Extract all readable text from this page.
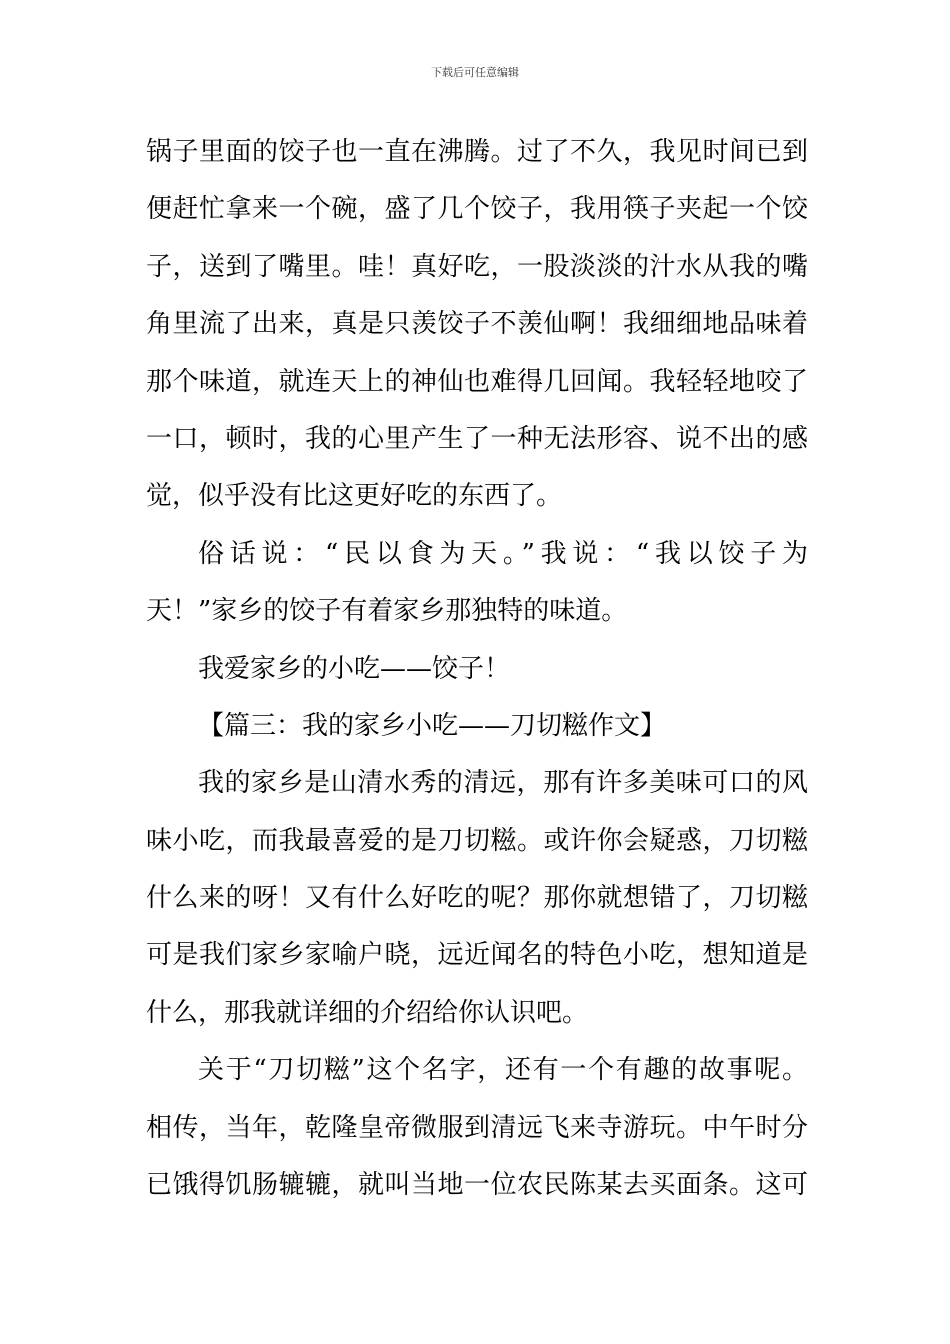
下载后可任意编辑
锅子里面的饺子也一直在沸腾。过了不久，我见时间已到
便赶忙拿来一个碗，盛了几个饺子，我用筷子夹起一个饺
子，送到了嘴里。哇！真好吃，一股淡淡的汁水从我的嘴
角里流了出来，真是只羡饺子不羡仙啊！我细细地品味着
那个味道，就连天上的神仙也难得几回闻。我轻轻地咬了
一口，顿时，我的心里产生了一种无法形容、说不出的感
觉，似乎没有比这更好吃的东西了。
俗话说：“民以食为天。”我说：“我以饺子为
天！”家乡的饺子有着家乡那独特的味道。
我爱家乡的小吃——饺子！
【篇三：我的家乡小吃——刀切糍作文】
我的家乡是山清水秀的清远，那有许多美味可口的风
味小吃，而我最喜爱的是刀切糍。或许你会疑惑，刀切糍
什么来的呀！又有什么好吃的呢？那你就想错了，刀切糍
可是我们家乡家喻户晓，远近闻名的特色小吃，想知道是
什么，那我就详细的介绍给你认识吧。
关于“刀切糍”这个名字，还有一个有趣的故事呢。
相传，当年，乾隆皇帝微服到清远飞来寺游玩。中午时分
已饿得饥肠辘辘，就叫当地一位农民陈某去买面条。这可
